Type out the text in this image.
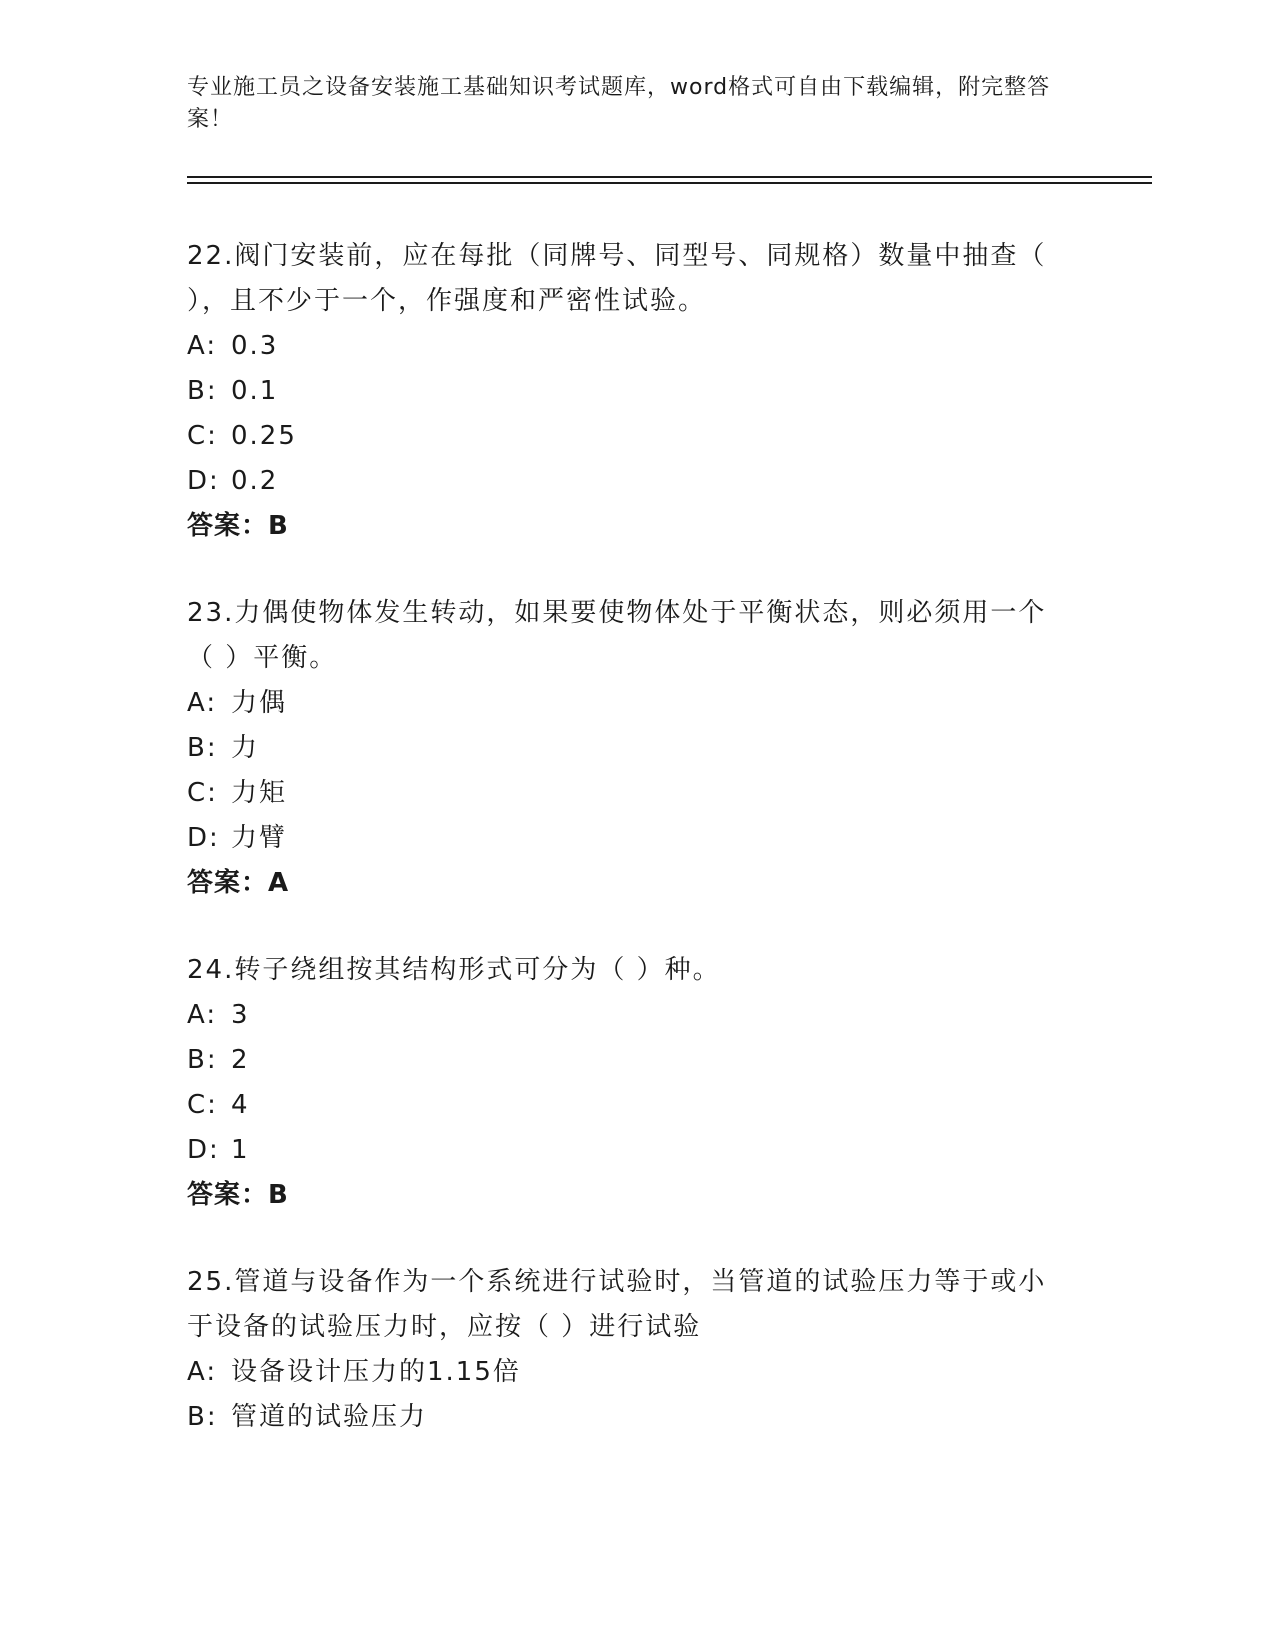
专业施工员之设备安装施工基础知识考试题库，word格式可自由下载编辑，附完整答案！

22.阀门安装前，应在每批（同牌号、同型号、同规格）数量中抽查（ ），且不少于一个，作强度和严密性试验。

A: 0.3

B: 0.1

C: 0.25

D: 0.2

答案：B

23.力偶使物体发生转动，如果要使物体处于平衡状态，则必须用一个（ ）平衡。

A: 力偶

B: 力

C: 力矩

D: 力臂

答案：A

24.转子绕组按其结构形式可分为（ ）种。

A: 3

B: 2

C: 4

D: 1

答案：B

25.管道与设备作为一个系统进行试验时，当管道的试验压力等于或小于设备的试验压力时，应按（ ）进行试验

A: 设备设计压力的1.15倍

B: 管道的试验压力
